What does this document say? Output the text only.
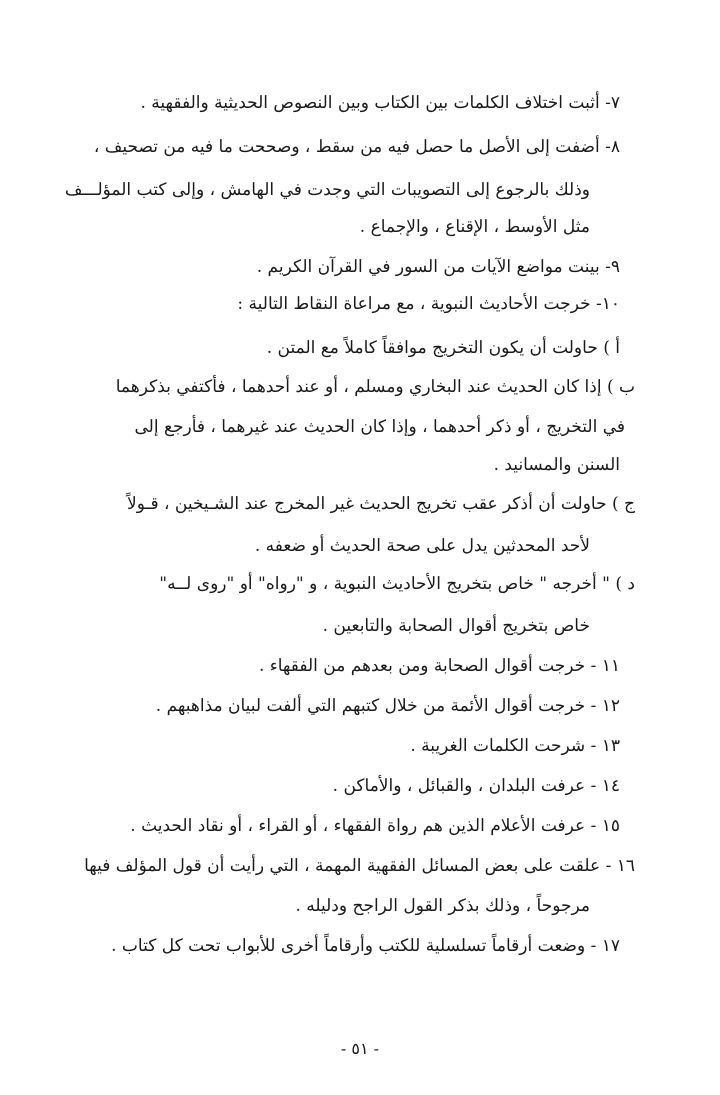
٧- أثبت اختلاف الكلمات بين الكتاب وبين النصوص الحديثية والفقهية .
٨- أضفت إلى الأصل ما حصل فيه من سقط ، وصححت ما فيه من تصحيف ،
وذلك بالرجوع إلى التصويبات التي وجدت في الهامش ، وإلى كتب المؤلـــف
مثل الأوسط ، الإقناع ، والإجماع .
٩- بينت مواضع الآيات من السور في القرآن الكريم .
١٠- خرجت الأحاديث النبوية ، مع مراعاة النقاط التالية :
أ ) حاولت أن يكون التخريج موافقاً كاملاً مع المتن .
ب ) إذا كان الحديث عند البخاري ومسلم ، أو عند أحدهما ، فأكتفي بذكرهما
في التخريج ، أو ذكر أحدهما ، وإذا كان الحديث عند غيرهما ، فأرجع إلى
السنن والمسانيد .
ج ) حاولت أن أذكر عقب تخريج الحديث غير المخرج عند الشـيخين ، قـولاً
لأحد المحدثين يدل على صحة الحديث أو ضعفه .
د ) " أخرجه " خاص بتخريج الأحاديث النبوية ، و "رواه" أو "روى لــه"
خاص بتخريج أقوال الصحابة والتابعين .
١١ - خرجت أقوال الصحابة ومن بعدهم من الفقهاء .
١٢ - خرجت أقوال الأئمة من خلال كتبهم التي ألفت لبيان مذاهبهم .
١٣ - شرحت الكلمات الغريبة .
١٤ - عرفت البلدان ، والقبائل ، والأماكن .
١٥ - عرفت الأعلام الذين هم رواة الفقهاء ، أو القراء ، أو نقاد الحديث .
١٦ - علقت على بعض المسائل الفقهية المهمة ، التي رأيت أن قول المؤلف فيها
مرجوحاً ، وذلك بذكر القول الراجح ودليله .
١٧ - وضعت أرقاماً تسلسلية للكتب وأرقاماً أخرى للأبواب تحت كل كتاب .
- ٥١ -
